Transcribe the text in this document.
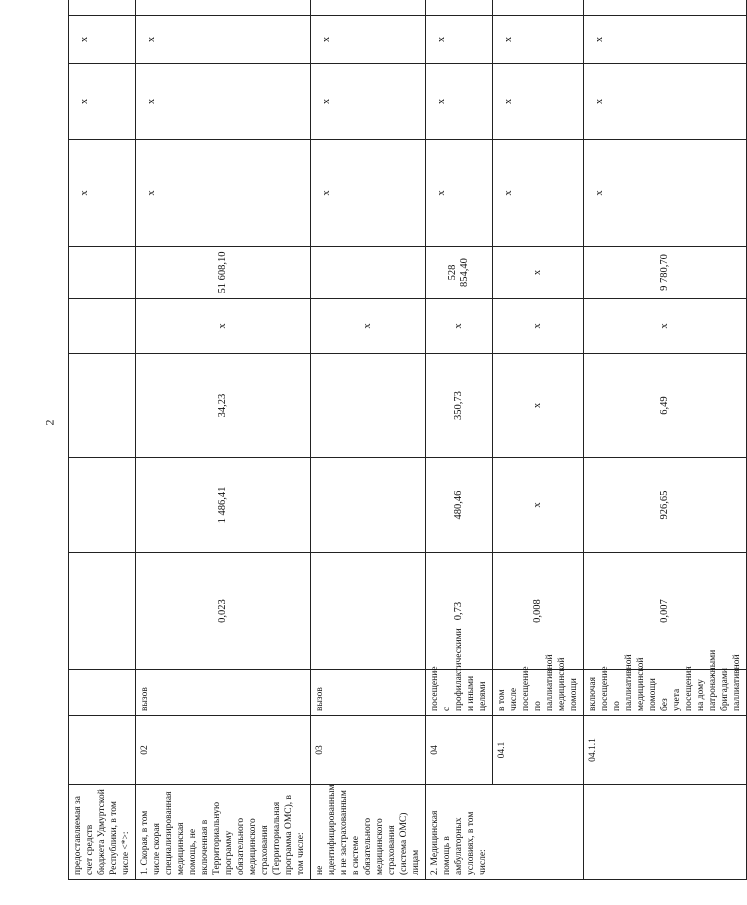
2
предоставляемая за счет средств бюджета Удмуртской Республики, в том числе <*>:								x	x	x		
1. Скорая, в том числе скорая специализированная медицинская помощь, не включенная в Территориальную программу обязательного медицинского страхования (Территориальная программа ОМС), в том числе:	02	вызов	0,023	1 486,41	34,23	x	51 608,10	x	x	x		
не идентифицированным и не застрахованным в системе обязательного медицинского страхования (система ОМС) лицам	03	вызов				x		x	x	x		
2. Медицинская помощь в амбулаторных условиях, в том числе:	04	посещение с профилактическими и иными целями	0,73	480,46	350,73	x	528 854,40	x	x	x		
	04.1	в том числе посещение по паллиативной медицинской помощи	0,008	x	x	x	x	x	x	x		
	04.1.1	включая посещение по паллиативной медицинской помощи без учета посещения на дому патронажными бригадами паллиативной	0,007	926,65	6,49	x	9 780,70	x	x	x		
